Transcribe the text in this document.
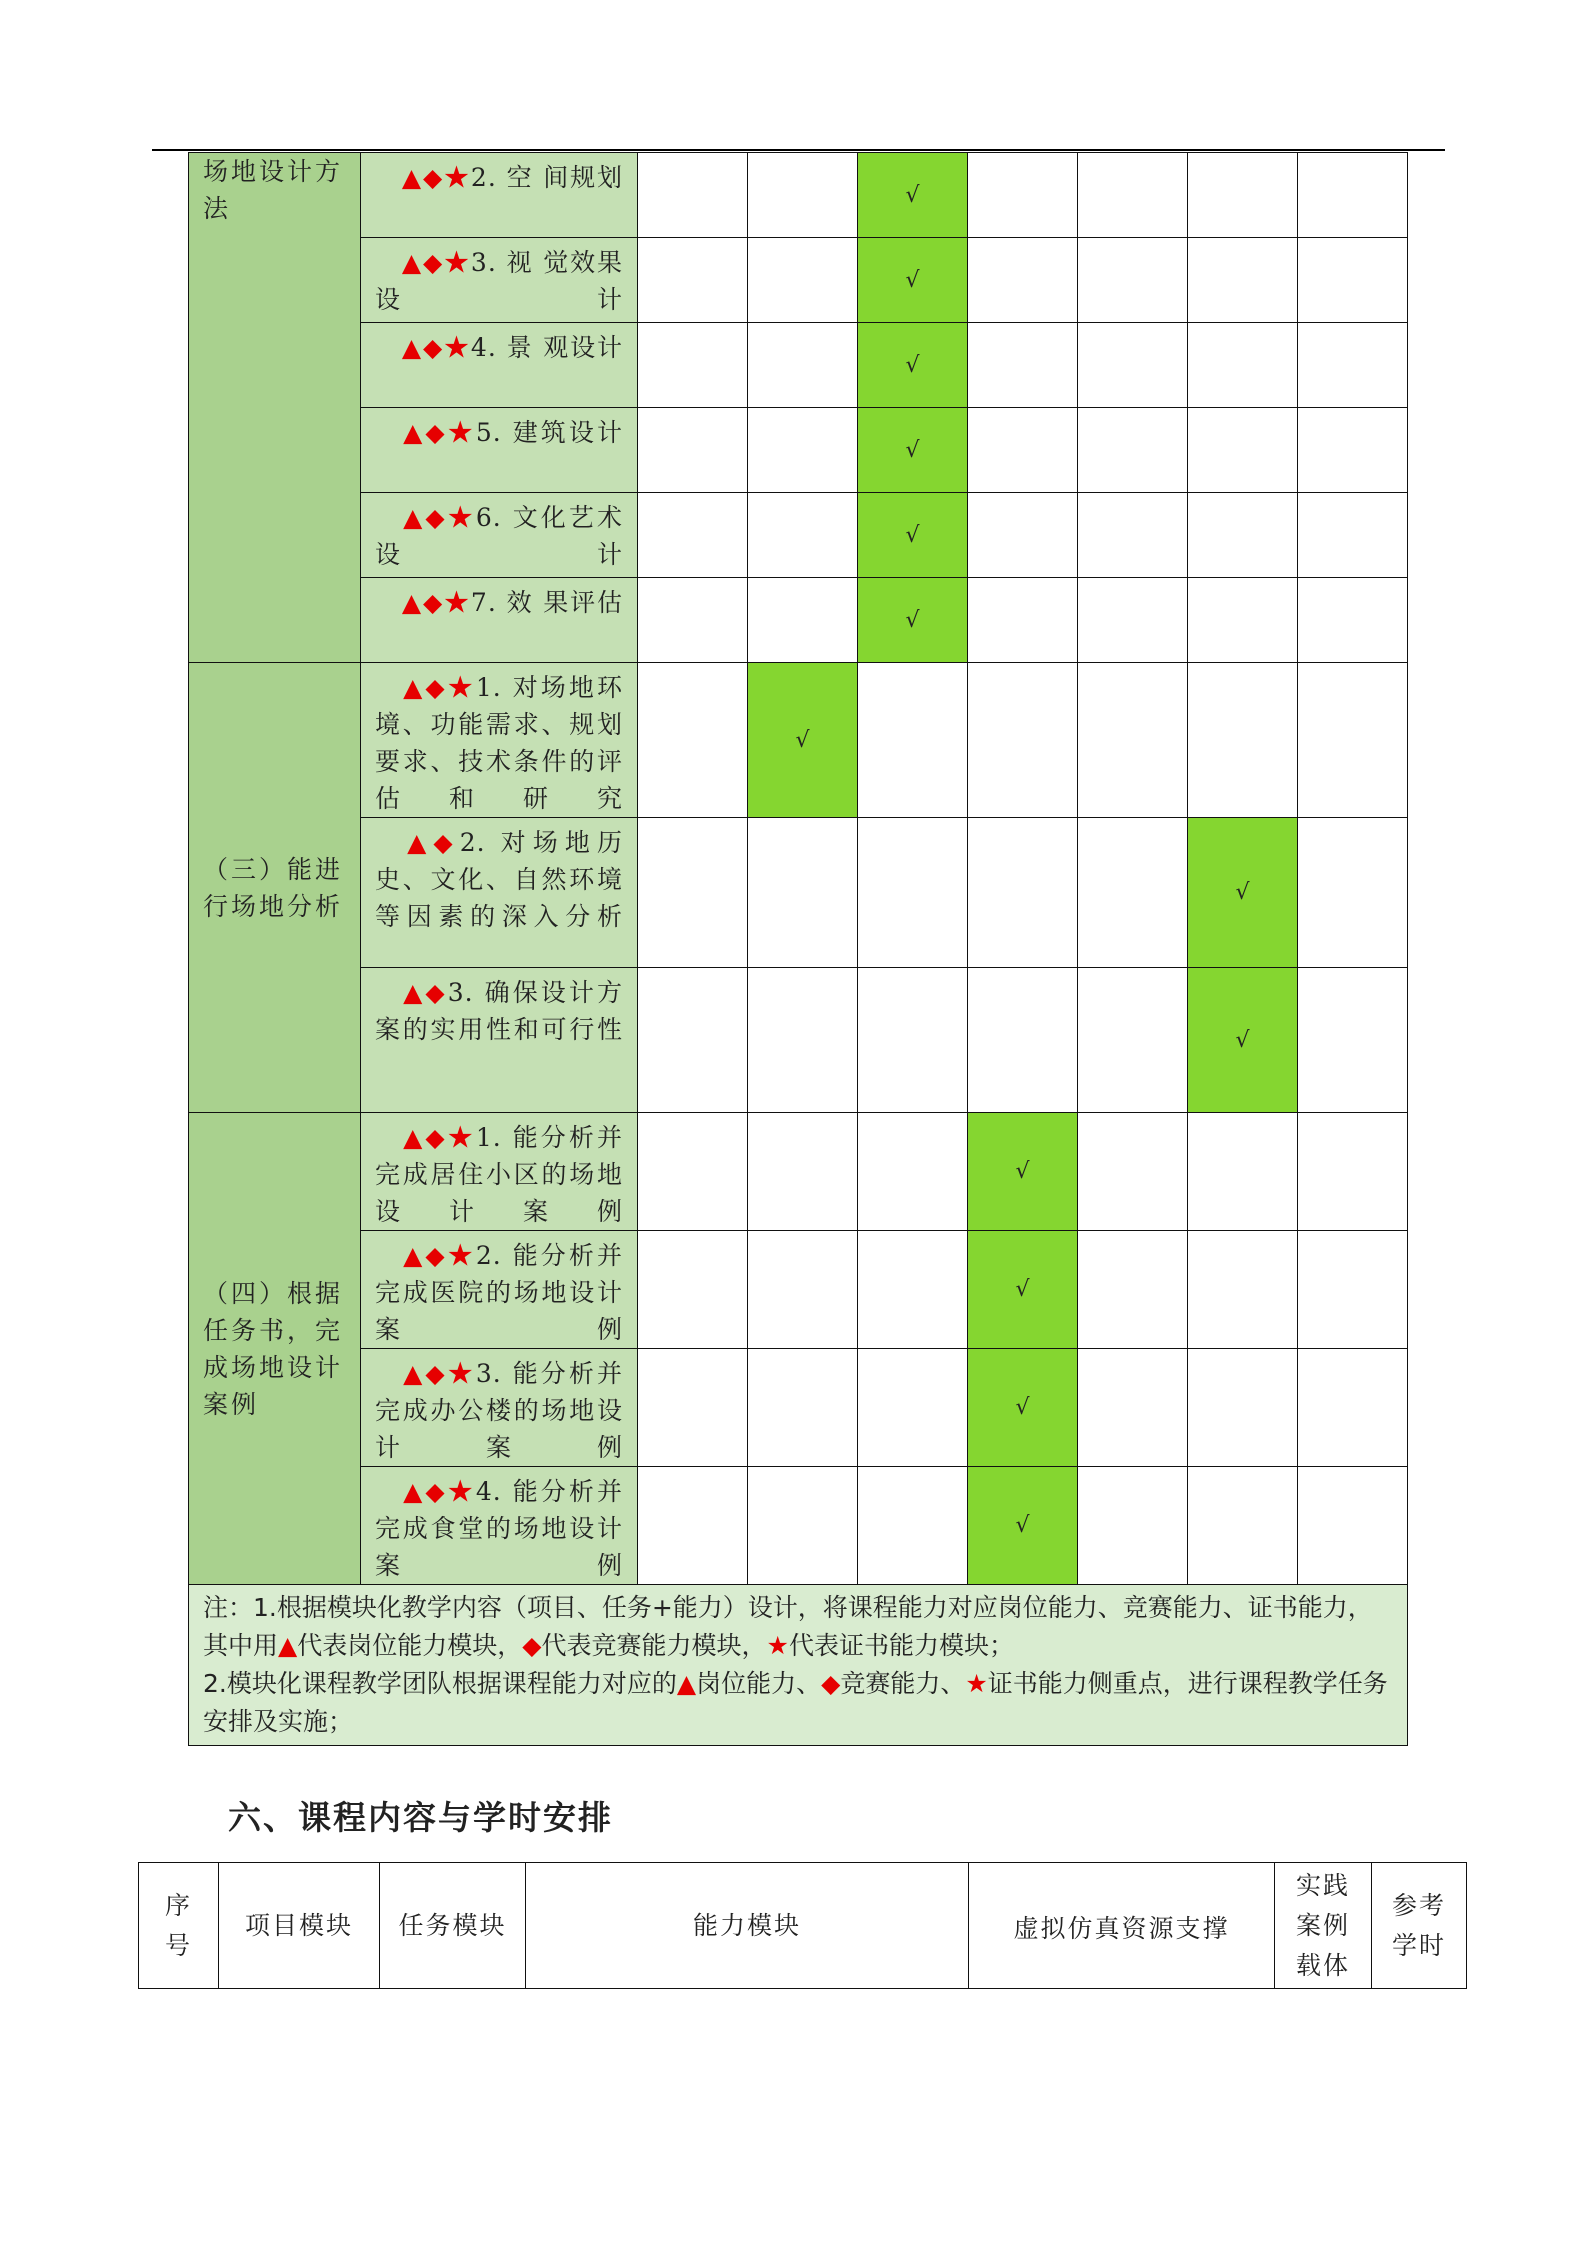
场地设计方法	 ▲◆★2. 空 间规划			√				
	 ▲◆★3. 视 觉效果设计			√				
	 ▲◆★4. 景 观设计			√				
	 ▲◆★5. 建筑设计			√				
	 ▲◆★6. 文化艺术设计			√				
	 ▲◆★7. 效 果评估			√				
（三）能进行场地分析	 ▲◆★1. 对场地环境、功能需求、规划要求、技术条件的评估和研究		√					
	 ▲◆2. 对场地历史、文化、自然环境等因素的深入分析						√	
	 ▲◆3. 确保设计方案的实用性和可行性						√	
（四）根据任务书，完成场地设计案例	 ▲◆★1. 能分析并完成居住小区的场地设计案例				√			
	 ▲◆★2. 能分析并完成医院的场地设计案例				√			
	 ▲◆★3. 能分析并完成办公楼的场地设计案例				√			
	 ▲◆★4. 能分析并完成食堂的场地设计案例				√			
注：1.根据模块化教学内容（项目、任务+能力）设计，将课程能力对应岗位能力、竞赛能力、证书能力，其中用▲代表岗位能力模块，◆代表竞赛能力模块，★代表证书能力模块；
2.模块化课程教学团队根据课程能力对应的▲岗位能力、◆竞赛能力、★证书能力侧重点，进行课程教学任务安排及实施；								
六、课程内容与学时安排
序号	项目模块	任务模块	能力模块	虚拟仿真资源支撑	实践案例载体	参考学时
